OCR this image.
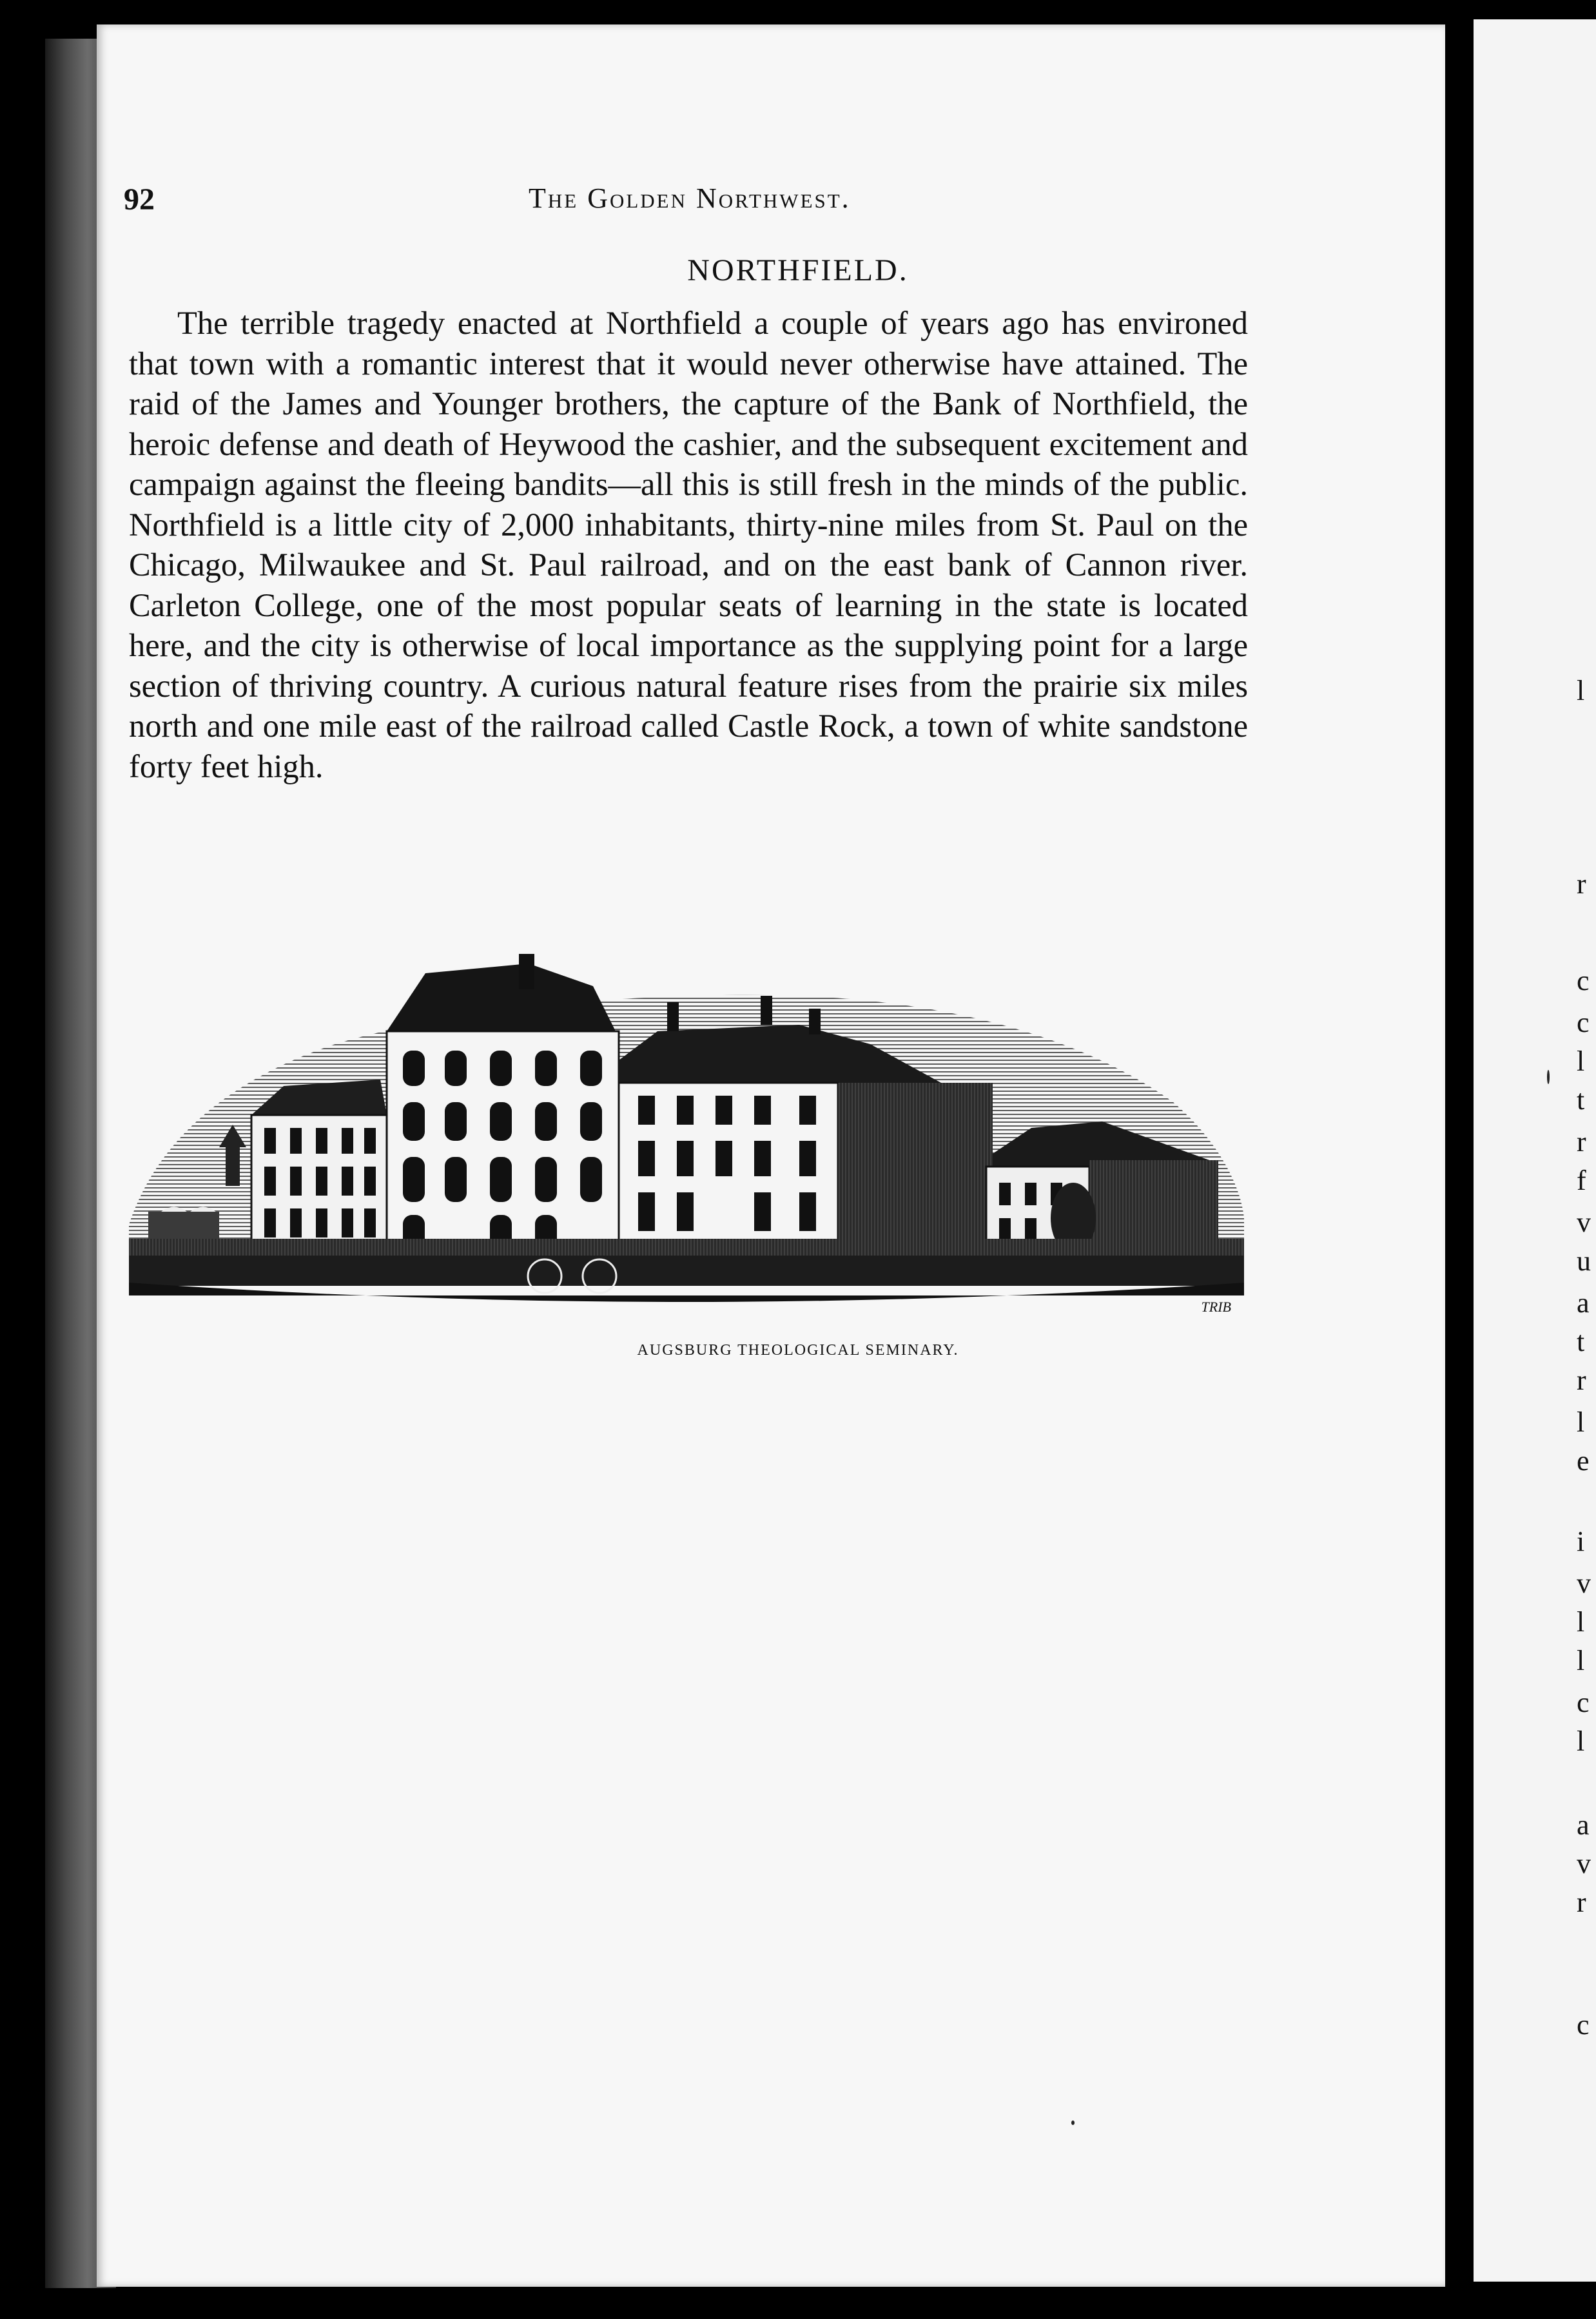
l
r
c
c
l
t
r
f
v
u
a
t
r
l
e
i
v
l
l
c
l
a
v
r
c
92	The Golden Northwest.
NORTHFIELD.

The terrible tragedy enacted at Northfield a couple of years ago has environed that town with a romantic interest that it would never otherwise have attained. The raid of the James and Younger brothers, the capture of the Bank of Northfield, the heroic defense and death of Heywood the cashier, and the subsequent excitement and campaign against the fleeing bandits—all this is still fresh in the minds of the public. Northfield is a little city of 2,000 inhabitants, thirty-nine miles from St. Paul on the Chicago, Milwaukee and St. Paul railroad, and on the east bank of Cannon river. Carleton College, one of the most popular seats of learning in the state is located here, and the city is otherwise of local importance as the supplying point for a large section of thriving country. A curious natural feature rises from the prairie six miles north and one mile east of the railroad called Castle Rock, a town of white sandstone forty feet high.

TRIB
AUGSBURG THEOLOGICAL SEMINARY.
